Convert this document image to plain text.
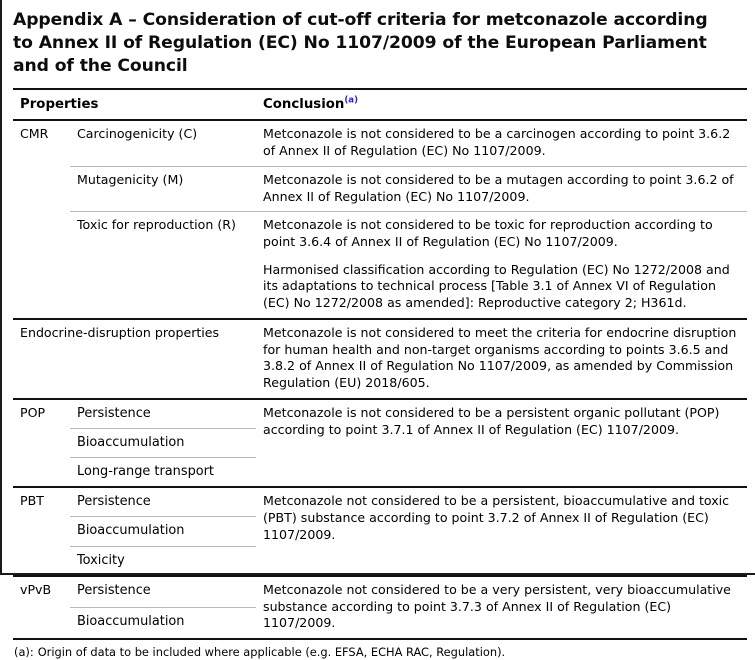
Appendix A – Consideration of cut-off criteria for metconazole according to Annex II of Regulation (EC) No 1107/2009 of the European Parliament and of the Council
Properties		Conclusion$^{(a)}$
CMR	Carcinogenicity (C)	Metconazole is not considered to be a carcinogen according to point 3.6.2 of Annex II of Regulation (EC) No 1107/2009.

	Mutagenicity (M)	Metconazole is not considered to be a mutagen according to point 3.6.2 of Annex II of Regulation (EC) No 1107/2009.

	Toxic for reproduction (R)	Metconazole is not considered to be toxic for reproduction according to point 3.6.4 of Annex II of Regulation (EC) No 1107/2009.

Harmonised classification according to Regulation (EC) No 1272/2008 and its adaptations to technical process [Table 3.1 of Annex VI of Regulation (EC) No 1272/2008 as amended]: Reproductive category 2; H361d.

Endocrine-disruption properties		Metconazole is not considered to meet the criteria for endocrine disruption for human health and non-target organisms according to points 3.6.5 and 3.8.2 of Annex II of Regulation No 1107/2009, as amended by Commission Regulation (EU) 2018/605.

POP	Persistence	Metconazole is not considered to be a persistent organic pollutant (POP) according to point 3.7.1 of Annex II of Regulation (EC) 1107/2009.

	Bioaccumulation	
	Long-range transport	
PBT	Persistence	Metconazole not considered to be a persistent, bioaccumulative and toxic (PBT) substance according to point 3.7.2 of Annex II of Regulation (EC) 1107/2009.

	Bioaccumulation	
	Toxicity	
vPvB	Persistence	Metconazole not considered to be a very persistent, very bioaccumulative substance according to point 3.7.3 of Annex II of Regulation (EC) 1107/2009.

	Bioaccumulation	

(a): Origin of data to be included where applicable (e.g. EFSA, ECHA RAC, Regulation).
